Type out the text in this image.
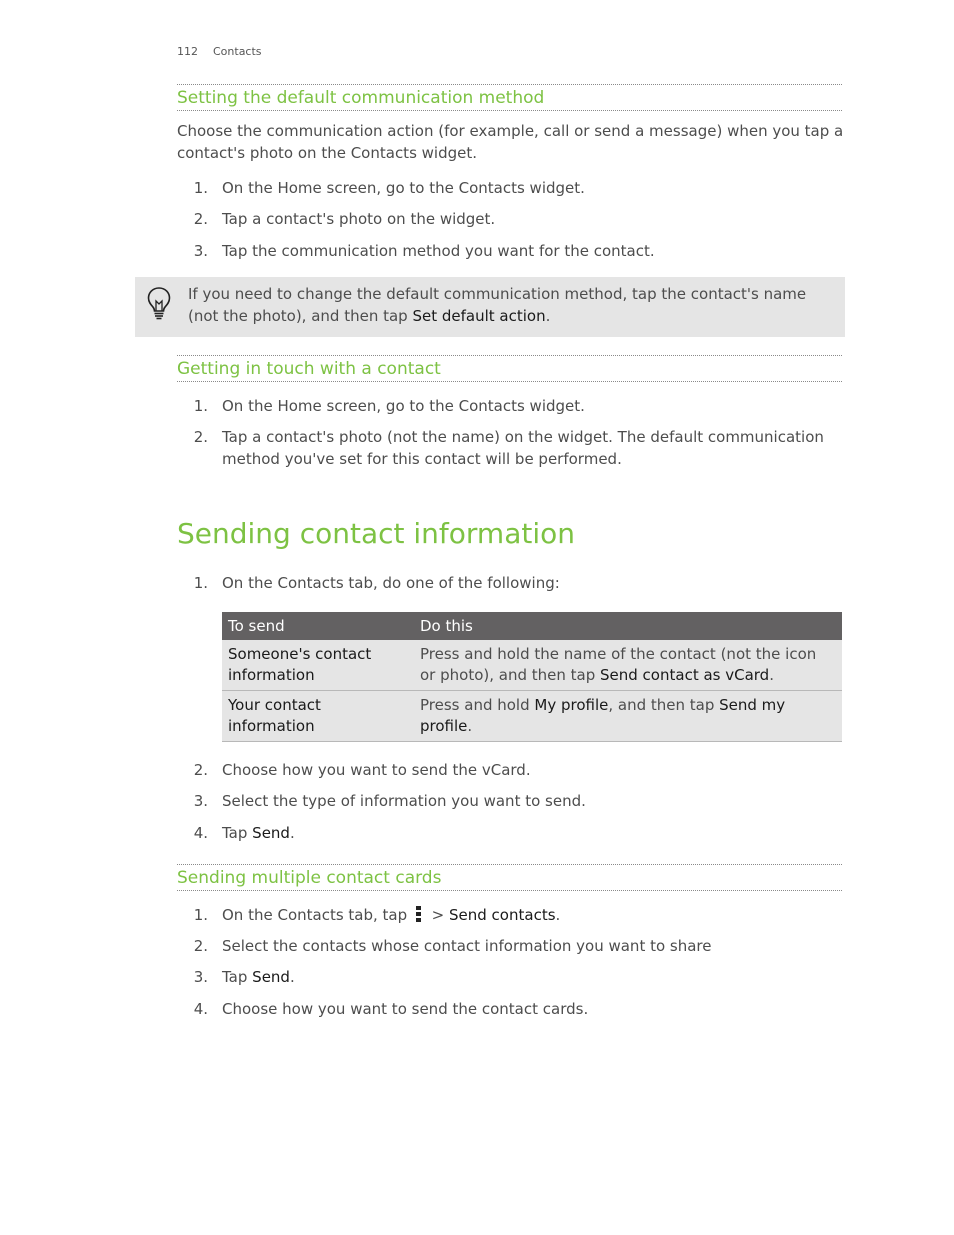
112 Contacts
Setting the default communication method

Choose the communication action (for example, call or send a message) when you tap a contact's photo on the Contacts widget.

1. On the Home screen, go to the Contacts widget.
2. Tap a contact's photo on the widget.
3. Tap the communication method you want for the contact.
If you need to change the default communication method, tap the contact's name (not the photo), and then tap Set default action.
Getting in touch with a contact
1. On the Home screen, go to the Contacts widget.
2. Tap a contact's photo (not the name) on the widget. The default communication method you've set for this contact will be performed.
Sending contact information
1. On the Contacts tab, do one of the following:
To send	Do this
Someone's contact information	Press and hold the name of the contact (not the icon or photo), and then tap Send contact as vCard.
Your contact information	Press and hold My profile, and then tap Send my profile.
2. Choose how you want to send the vCard.
3. Select the type of information you want to send.
4. Tap Send.
Sending multiple contact cards
1. On the Contacts tab, tap
> Send contacts.
2. Select the contacts whose contact information you want to share
3. Tap Send.
4. Choose how you want to send the contact cards.
